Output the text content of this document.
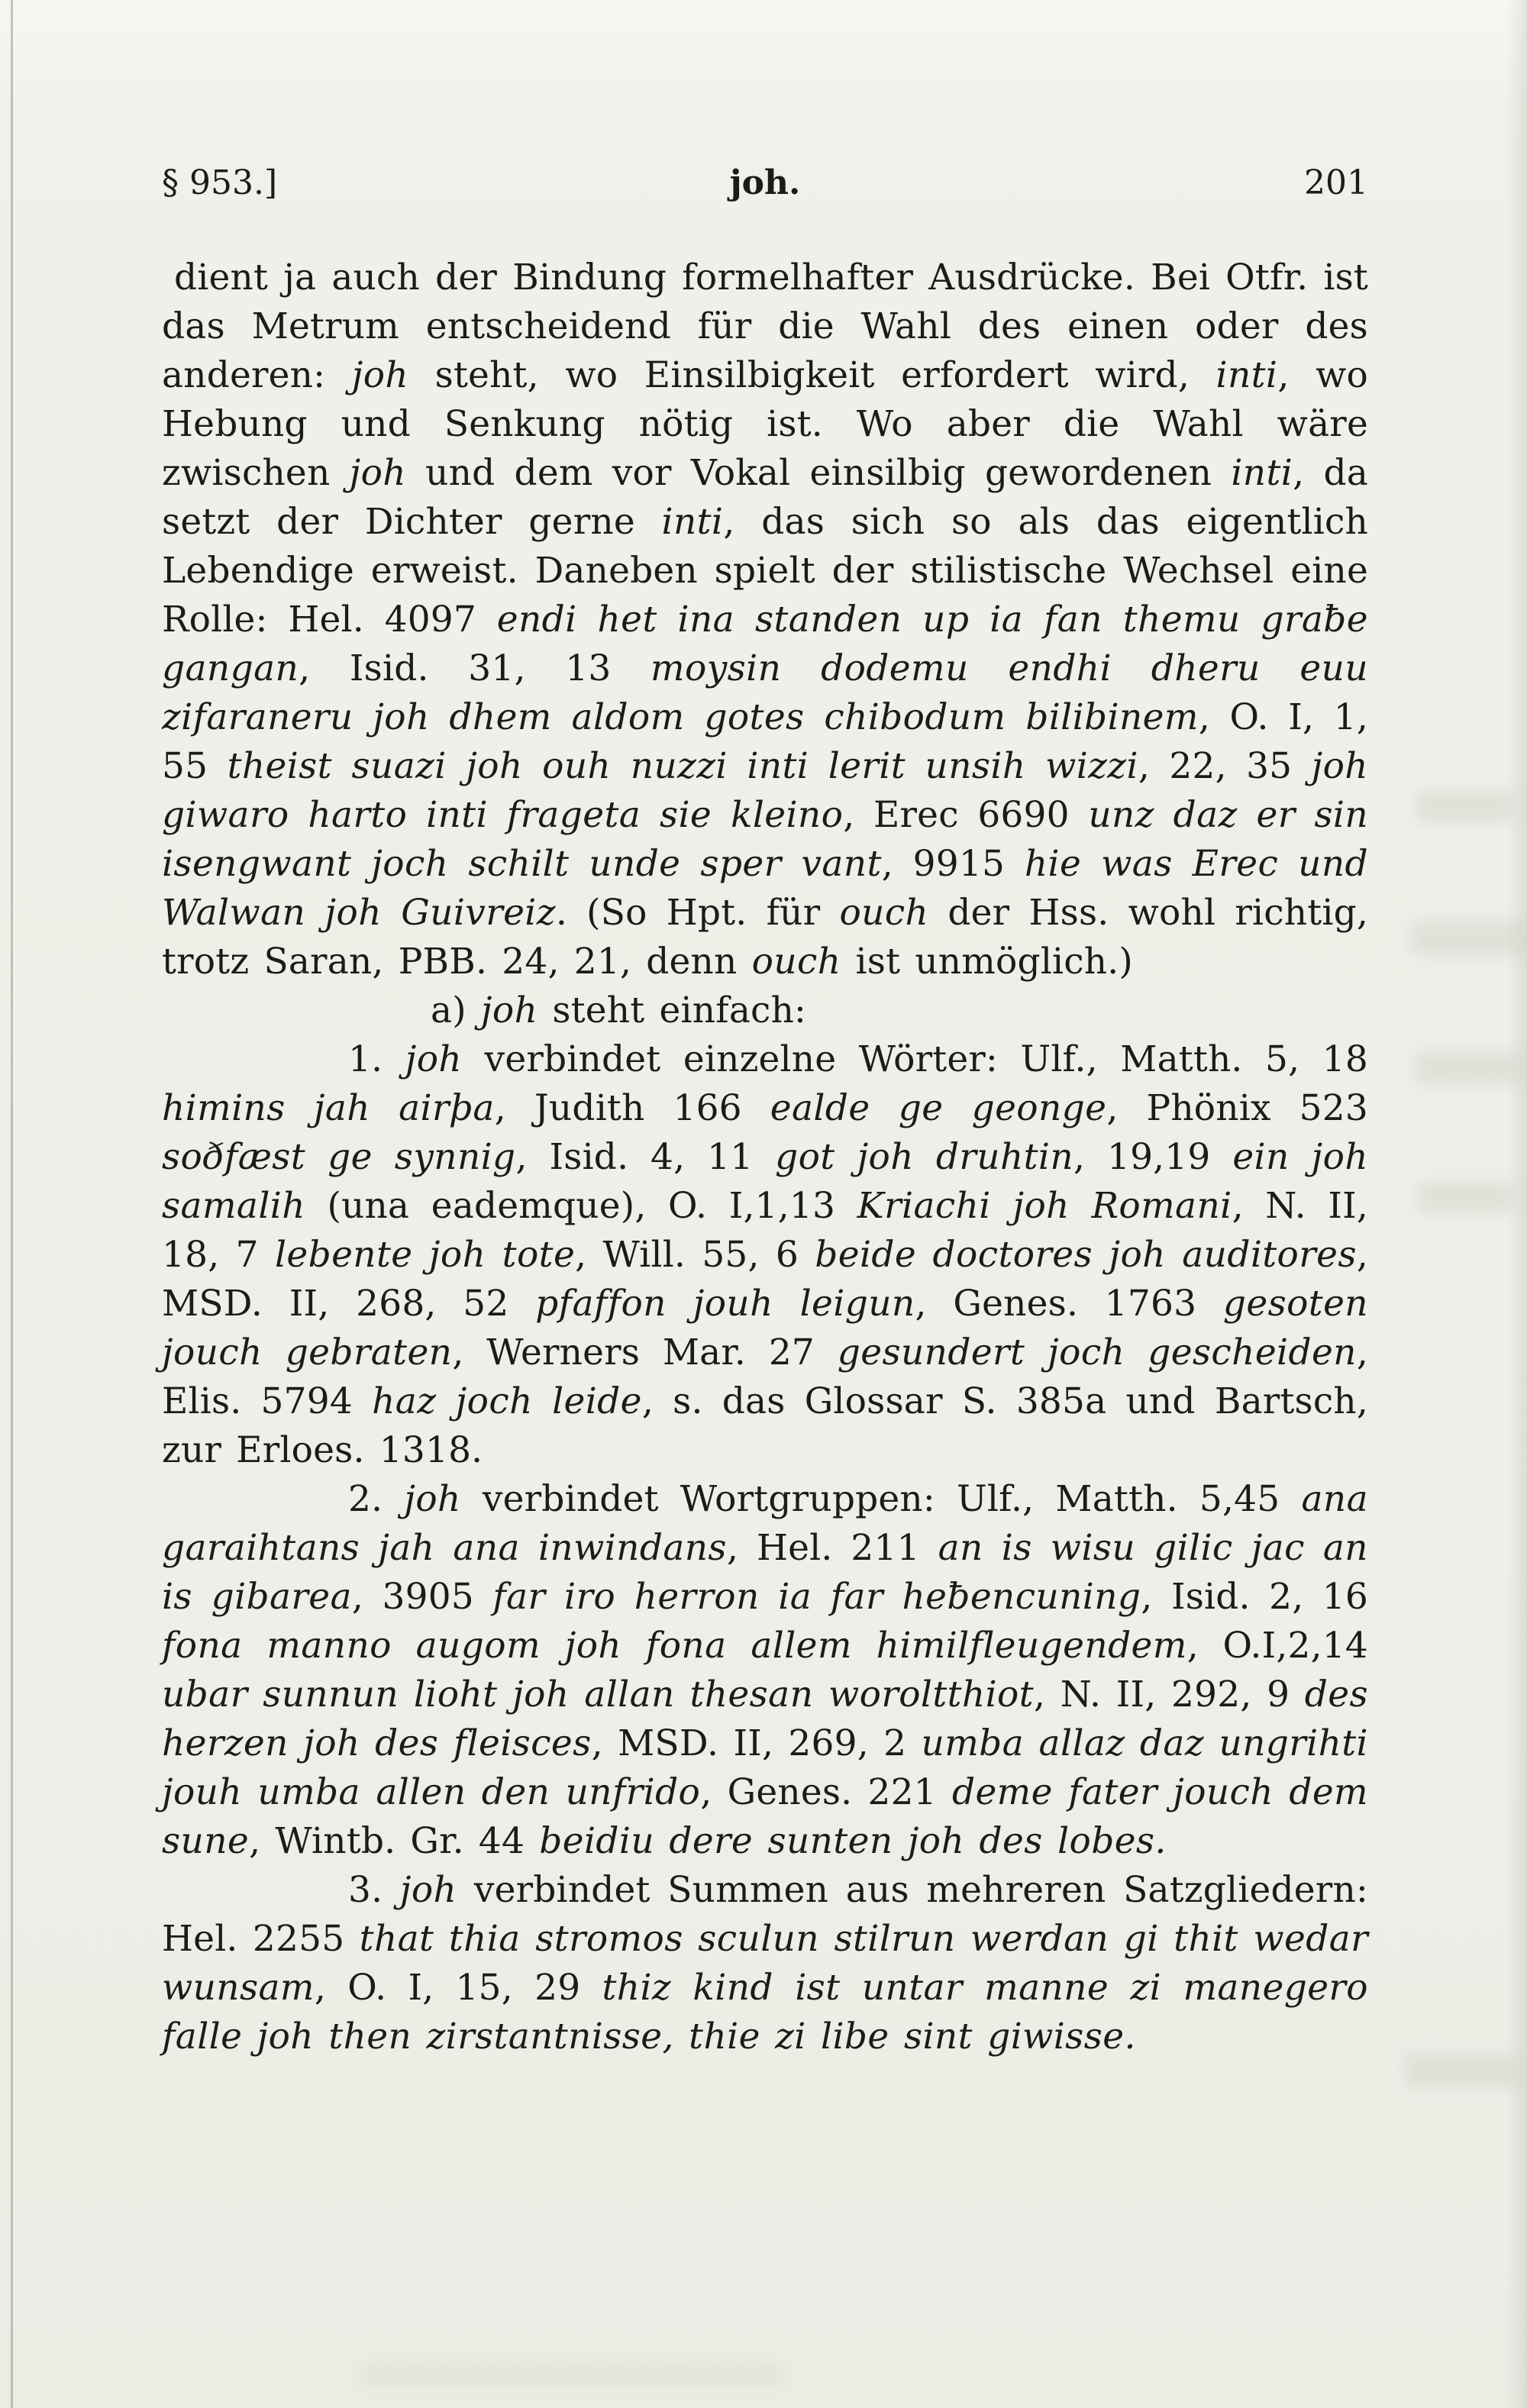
§ 953.]	joh.	201

dient ja auch der Bindung formelhafter Ausdrücke. Bei Otfr. ist das Metrum entscheidend für die Wahl des einen oder des anderen: joh steht, wo Einsilbigkeit erfordert wird, inti, wo Hebung und Senkung nötig ist. Wo aber die Wahl wäre zwischen joh und dem vor Vokal einsilbig gewordenen inti, da setzt der Dichter gerne inti, das sich so als das eigentlich Lebendige erweist. Daneben spielt der stilistische Wechsel eine Rolle: Hel. 4097 endi het ina standen up ia fan themu graƀe gangan, Isid. 31, 13 moysin dodemu endhi dheru euu zifaraneru joh dhem aldom gotes chibodum bilibinem, O. I, 1, 55 theist suazi joh ouh nuzzi inti lerit unsih wizzi, 22, 35 joh giwaro harto inti frageta sie kleino, Erec 6690 unz daz er sin isengwant joch schilt unde sper vant, 9915 hie was Erec und Walwan joh Guivreiz. (So Hpt. für ouch der Hss. wohl richtig, trotz Saran, PBB. 24, 21, denn ouch ist unmöglich.)

a) joh steht einfach:

1. joh verbindet einzelne Wörter: Ulf., Matth. 5, 18 himins jah airþa, Judith 166 ealde ge geonge, Phönix 523 soðfæst ge synnig, Isid. 4, 11 got joh druhtin, 19,19 ein joh samalih (una eademque), O. I,1,13 Kriachi joh Romani, N. II, 18, 7 lebente joh tote, Will. 55, 6 beide doctores joh auditores, MSD. II, 268, 52 pfaffon jouh leigun, Genes. 1763 gesoten jouch gebraten, Werners Mar. 27 gesundert joch gescheiden, Elis. 5794 haz joch leide, s. das Glossar S. 385a und Bartsch, zur Erloes. 1318.

2. joh verbindet Wortgruppen: Ulf., Matth. 5,45 ana garaihtans jah ana inwindans, Hel. 211 an is wisu gilic jac an is gibarea, 3905 far iro herron ia far heƀencuning, Isid. 2, 16 fona manno augom joh fona allem himilfleugendem, O.I,2,14 ubar sunnun lioht joh allan thesan woroltthiot, N. II, 292, 9 des herzen joh des fleisces, MSD. II, 269, 2 umba allaz daz ungrihti jouh umba allen den unfrido, Genes. 221 deme fater jouch dem sune, Wintb. Gr. 44 beidiu dere sunten joh des lobes.

3. joh verbindet Summen aus mehreren Satzgliedern: Hel. 2255 that thia stromos sculun stilrun werdan gi thit wedar wunsam, O. I, 15, 29 thiz kind ist untar manne zi manegero falle joh then zirstantnisse, thie zi libe sint giwisse.
